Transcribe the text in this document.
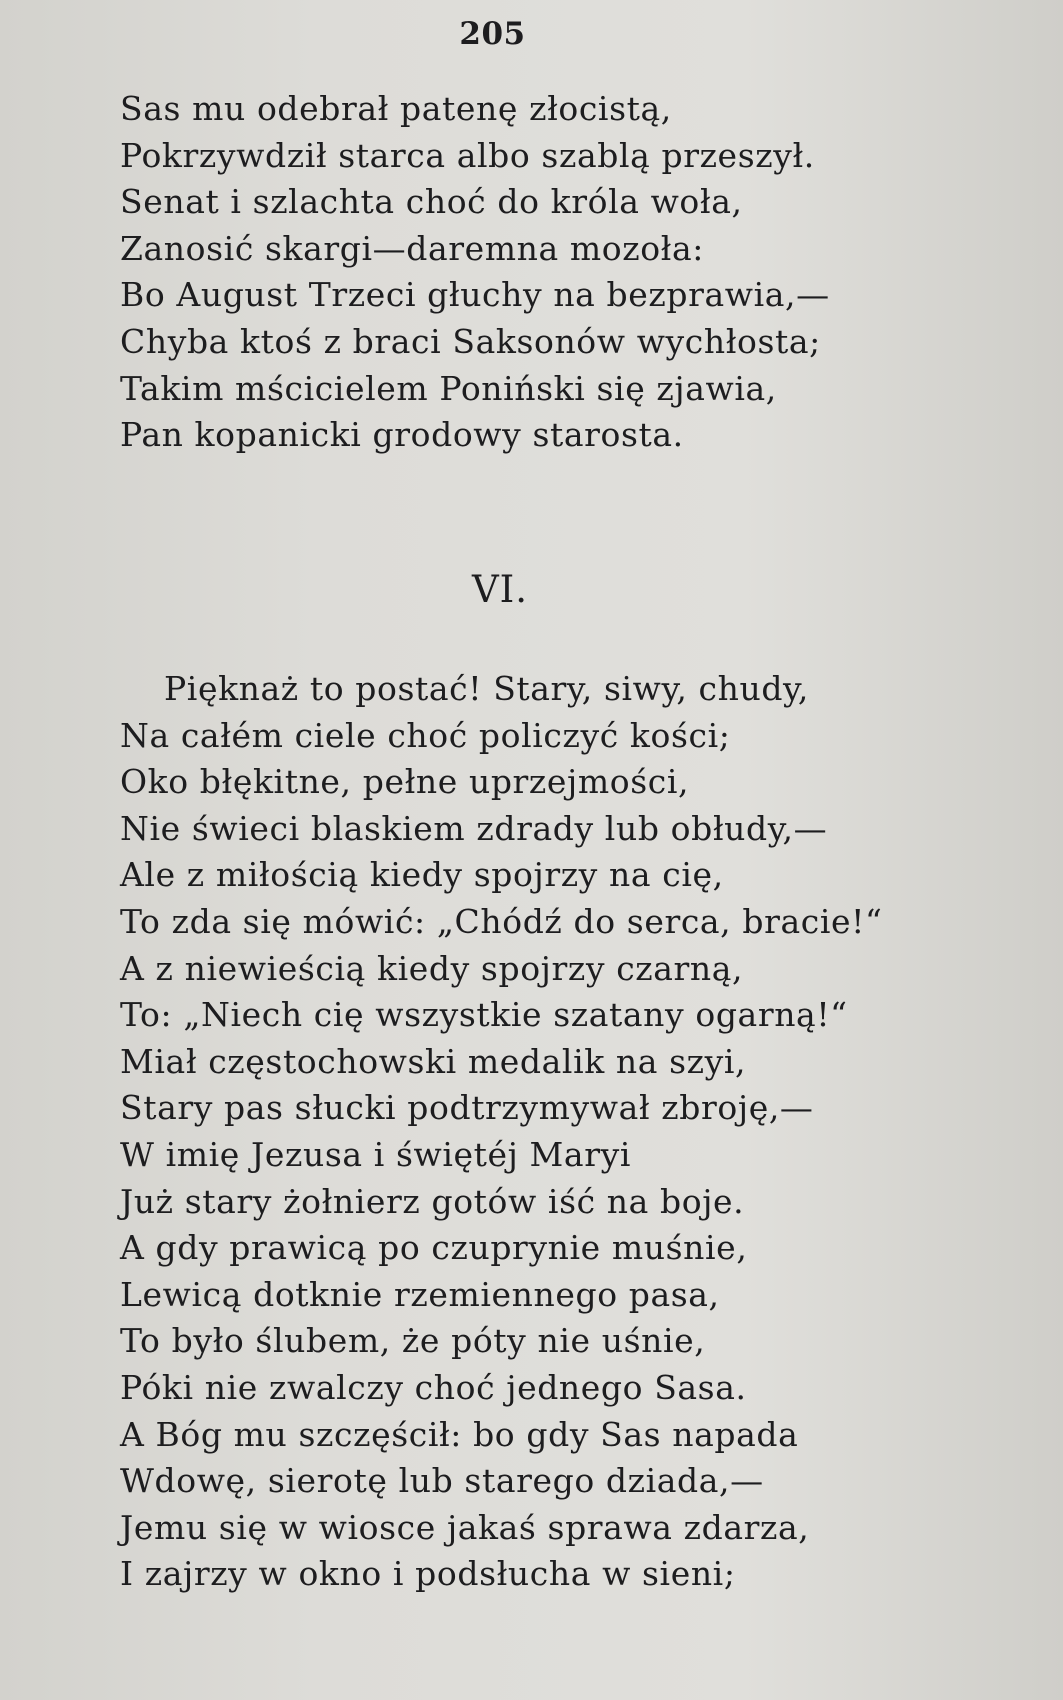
205
Sas mu odebrał patenę złocistą,
Pokrzywdził starca albo szablą przeszył.
Senat i szlachta choć do króla woła,
Zanosić skargi—daremna mozoła:
Bo August Trzeci głuchy na bezprawia,—
Chyba ktoś z braci Saksonów wychłosta;
Takim mścicielem Poniński się zjawia,
Pan kopanicki grodowy starosta.
VI.
Pięknaż to postać! Stary, siwy, chudy,
Na całém ciele choć policzyć kości;
Oko błękitne, pełne uprzejmości,
Nie świeci blaskiem zdrady lub obłudy,—
Ale z miłością kiedy spojrzy na cię,
To zda się mówić: „Chódź do serca, bracie!“
A z niewieścią kiedy spojrzy czarną,
To: „Niech cię wszystkie szatany ogarną!“
Miał częstochowski medalik na szyi,
Stary pas słucki podtrzymywał zbroję,—
W imię Jezusa i świętéj Maryi
Już stary żołnierz gotów iść na boje.
A gdy prawicą po czuprynie muśnie,
Lewicą dotknie rzemiennego pasa,
To było ślubem, że póty nie uśnie,
Póki nie zwalczy choć jednego Sasa.
A Bóg mu szczęścił: bo gdy Sas napada
Wdowę, sierotę lub starego dziada,—
Jemu się w wiosce jakaś sprawa zdarza,
I zajrzy w okno i podsłucha w sieni;
